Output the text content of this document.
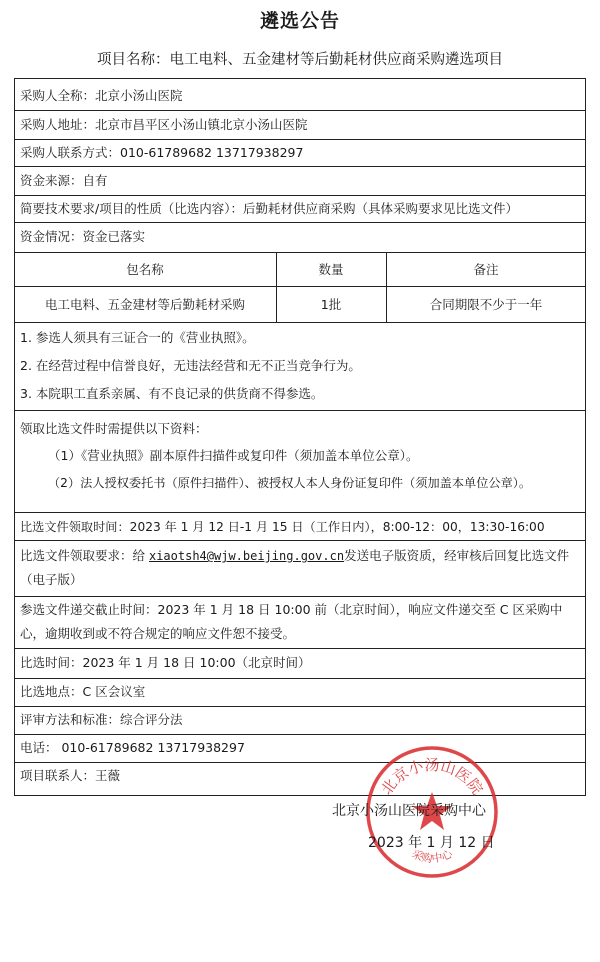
遴选公告
项目名称：电工电料、五金建材等后勤耗材供应商采购遴选项目
采购人全称：北京小汤山医院
采购人地址：北京市昌平区小汤山镇北京小汤山医院
采购人联系方式：010-61789682 13717938297
资金来源：自有
简要技术要求/项目的性质（比选内容）：后勤耗材供应商采购（具体采购要求见比选文件）
资金情况：资金已落实
包名称	数量	备注
电工电料、五金建材等后勤耗材采购	1批	合同期限不少于一年
1. 参选人须具有三证合一的《营业执照》。
2. 在经营过程中信誉良好，无违法经营和无不正当竞争行为。
3. 本院职工直系亲属、有不良记录的供货商不得参选。
领取比选文件时需提供以下资料：
（1）《营业执照》副本原件扫描件或复印件（须加盖本单位公章）。
（2）法人授权委托书（原件扫描件）、被授权人本人身份证复印件（须加盖本单位公章）。
比选文件领取时间：2023 年 1 月 12 日-1 月 15 日（工作日内），8:00-12：00，13:30-16:00
比选文件领取要求：给 xiaotsh4@wjw.beijing.gov.cn发送电子版资质，经审核后回复比选文件（电子版）
参选文件递交截止时间：2023 年 1 月 18 日 10:00 前（北京时间），响应文件递交至 C 区采购中心，逾期收到或不符合规定的响应文件恕不接受。
比选时间：2023 年 1 月 18 日 10:00（北京时间）
比选地点：C 区会议室
评审方法和标准：综合评分法
电话： 010-61789682 13717938297
项目联系人：王薇	北京小汤山医院
采购中心
北京小汤山医院采购中心
2023 年 1 月 12 日
